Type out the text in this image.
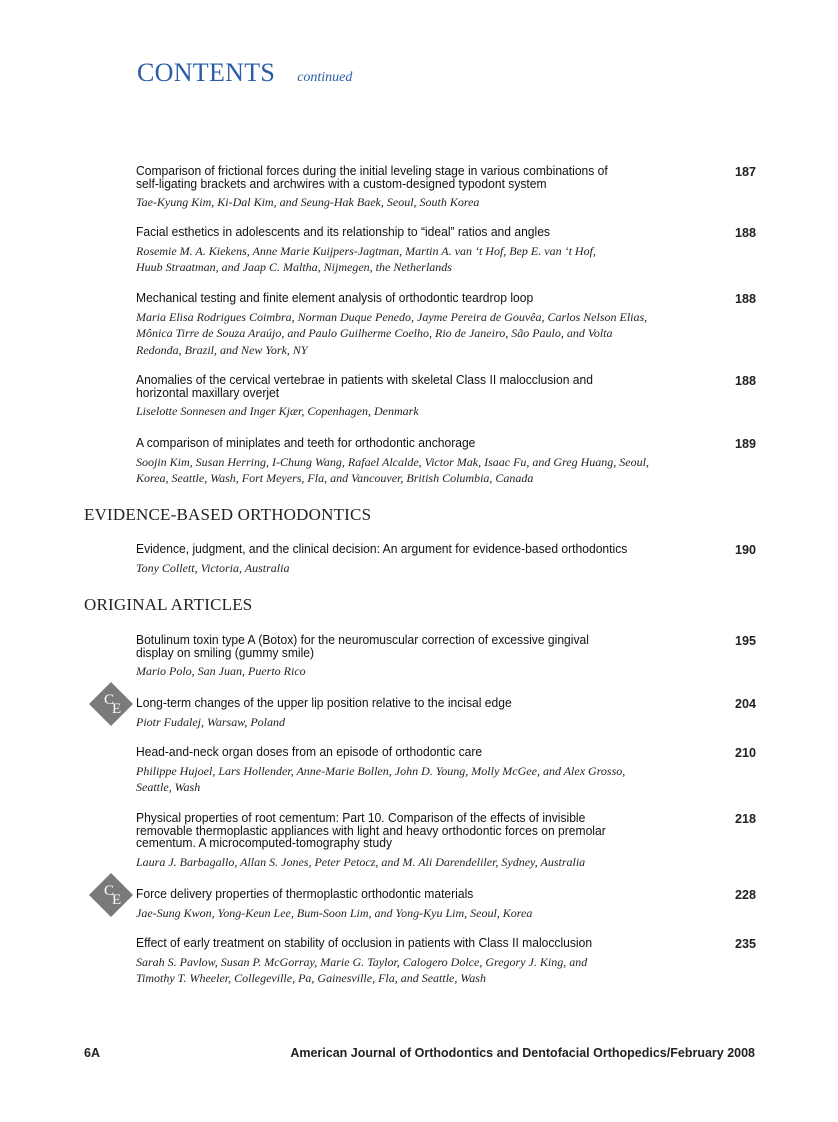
CONTENTS continued
Comparison of frictional forces during the initial leveling stage in various combinations of
self-ligating brackets and archwires with a custom-designed typodont system
Tae-Kyung Kim, Ki-Dal Kim, and Seung-Hak Baek, Seoul, South Korea
187
Facial esthetics in adolescents and its relationship to “ideal” ratios and angles
Rosemie M. A. Kiekens, Anne Marie Kuijpers-Jagtman, Martin A. van ‘t Hof, Bep E. van ‘t Hof,
Huub Straatman, and Jaap C. Maltha, Nijmegen, the Netherlands
188
Mechanical testing and finite element analysis of orthodontic teardrop loop
Maria Elisa Rodrigues Coimbra, Norman Duque Penedo, Jayme Pereira de Gouvêa, Carlos Nelson Elias,
Mônica Tirre de Souza Araújo, and Paulo Guilherme Coelho, Rio de Janeiro, São Paulo, and Volta
Redonda, Brazil, and New York, NY
188
Anomalies of the cervical vertebrae in patients with skeletal Class II malocclusion and
horizontal maxillary overjet
Liselotte Sonnesen and Inger Kjær, Copenhagen, Denmark
188
A comparison of miniplates and teeth for orthodontic anchorage
Soojin Kim, Susan Herring, I-Chung Wang, Rafael Alcalde, Victor Mak, Isaac Fu, and Greg Huang, Seoul,
Korea, Seattle, Wash, Fort Meyers, Fla, and Vancouver, British Columbia, Canada
189
EVIDENCE-BASED ORTHODONTICS
Evidence, judgment, and the clinical decision: An argument for evidence-based orthodontics
Tony Collett, Victoria, Australia
190
ORIGINAL ARTICLES
Botulinum toxin type A (Botox) for the neuromuscular correction of excessive gingival
display on smiling (gummy smile)
Mario Polo, San Juan, Puerto Rico
195
C
E Long-term changes of the upper lip position relative to the incisal edge
Piotr Fudalej, Warsaw, Poland
204
Head-and-neck organ doses from an episode of orthodontic care
Philippe Hujoel, Lars Hollender, Anne-Marie Bollen, John D. Young, Molly McGee, and Alex Grosso,
Seattle, Wash
210
Physical properties of root cementum: Part 10. Comparison of the effects of invisible
removable thermoplastic appliances with light and heavy orthodontic forces on premolar
cementum. A microcomputed-tomography study
Laura J. Barbagallo, Allan S. Jones, Peter Petocz, and M. Ali Darendeliler, Sydney, Australia
218
C
E Force delivery properties of thermoplastic orthodontic materials
Jae-Sung Kwon, Yong-Keun Lee, Bum-Soon Lim, and Yong-Kyu Lim, Seoul, Korea
228
Effect of early treatment on stability of occlusion in patients with Class II malocclusion
Sarah S. Pavlow, Susan P. McGorray, Marie G. Taylor, Calogero Dolce, Gregory J. King, and
Timothy T. Wheeler, Collegeville, Pa, Gainesville, Fla, and Seattle, Wash
235
6A	American Journal of Orthodontics and Dentofacial Orthopedics/February 2008
